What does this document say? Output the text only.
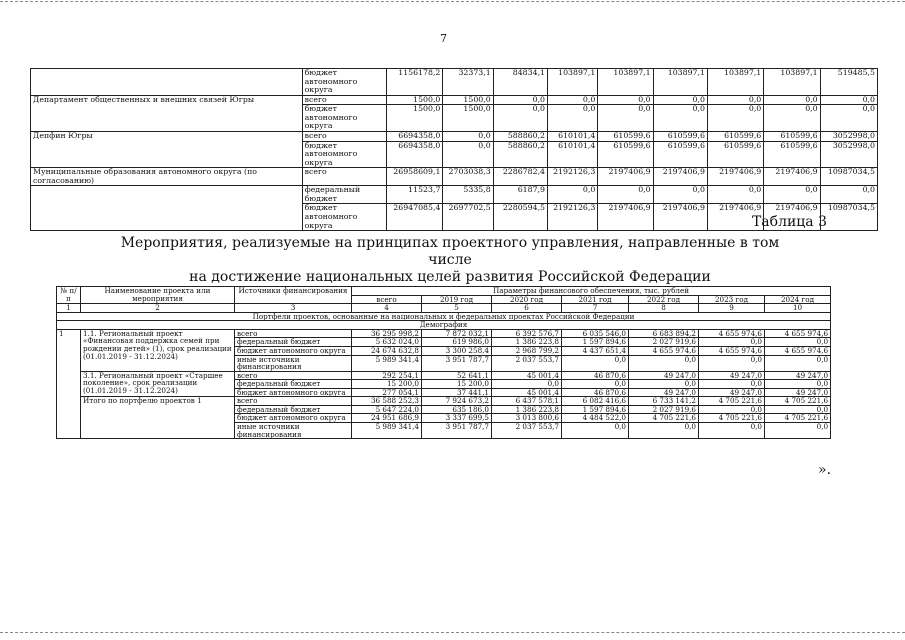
7
	бюджет автономного округа	1156178,2	32373,1	84834,1	103897,1	103897,1	103897,1	103897,1	103897,1	519485,5
Департамент общественных и внешних связей Югры	всего	1500,0	1500,0	0,0	0,0	0,0	0,0	0,0	0,0	0,0
	бюджет автономного округа	1500,0	1500,0	0,0	0,0	0,0	0,0	0,0	0,0	0,0
Депфин Югры	всего	6694358,0	0,0	588860,2	610101,4	610599,6	610599,6	610599,6	610599,6	3052998,0
	бюджет автономного округа	6694358,0	0,0	588860,2	610101,4	610599,6	610599,6	610599,6	610599,6	3052998,0
Муниципальные образования автономного округа (по согласованию)	всего	26958609,1	2703038,3	2286782,4	2192126,3	2197406,9	2197406,9	2197406,9	2197406,9	10987034,5
	федеральный бюджет	11523,7	5335,8	6187,9	0,0	0,0	0,0	0,0	0,0	0,0
	бюджет автономного округа	26947085,4	2697702,5	2280594,5	2192126,3	2197406,9	2197406,9	2197406,9	2197406,9	10987034,5
Таблица 3
Мероприятия, реализуемые на принципах проектного управления, направленные в том числе
на достижение национальных целей развития Российской Федерации
№ п/п	Наименование проекта или мероприятия	Источники финансирования	Параметры финансового обеспечения, тыс. рублей						
			всего	2019 год	2020 год	2021 год	2022 год	2023 год	2024 год
1	2	3	4	5	6	7	8	9	10
Портфели проектов, основанные на национальных и федеральных проектах Российской Федерации									
Демография									
1	1.1. Региональный проект «Финансовая поддержка семей при рождении детей» (1), срок реализации (01.01.2019 - 31.12.2024)	всего	36 295 998,2	7 872 032,1	6 392 576,7	6 035 546,0	6 683 894,2	4 655 974,6	4 655 974,6
		федеральный бюджет	5 632 024,0	619 986,0	1 386 223,8	1 597 894,6	2 027 919,6	0,0	0,0
		бюджет автономного округа	24 674 632,8	3 300 258,4	2 968 799,2	4 437 651,4	4 655 974,6	4 655 974,6	4 655 974,6
		иные источники финансирования	5 989 341,4	3 951 787,7	2 037 553,7	0,0	0,0	0,0	0,0
	3.1. Региональный проект «Старшее поколение», срок реализации (01.01.2019 - 31.12.2024)	всего	292 254,1	52 641,1	45 001,4	46 870,6	49 247,0	49 247,0	49 247,0
		федеральный бюджет	15 200,0	15 200,0	0,0	0,0	0,0	0,0	0,0
		бюджет автономного округа	277 054,1	37 441,1	45 001,4	46 870,6	49 247,0	49 247,0	49 247,0
	Итого по портфелю проектов 1	всего	36 588 252,3	7 924 673,2	6 437 578,1	6 082 416,6	6 733 141,2	4 705 221,6	4 705 221,6
		федеральный бюджет	5 647 224,0	635 186,0	1 386 223,8	1 597 894,6	2 027 919,6	0,0	0,0
		бюджет автономного округа	24 951 686,9	3 337 699,5	3 013 800,6	4 484 522,0	4 705 221,6	4 705 221,6	4 705 221,6
		иные источники финансирования	5 989 341,4	3 951 787,7	2 037 553,7	0,0	0,0	0,0	0,0
».
